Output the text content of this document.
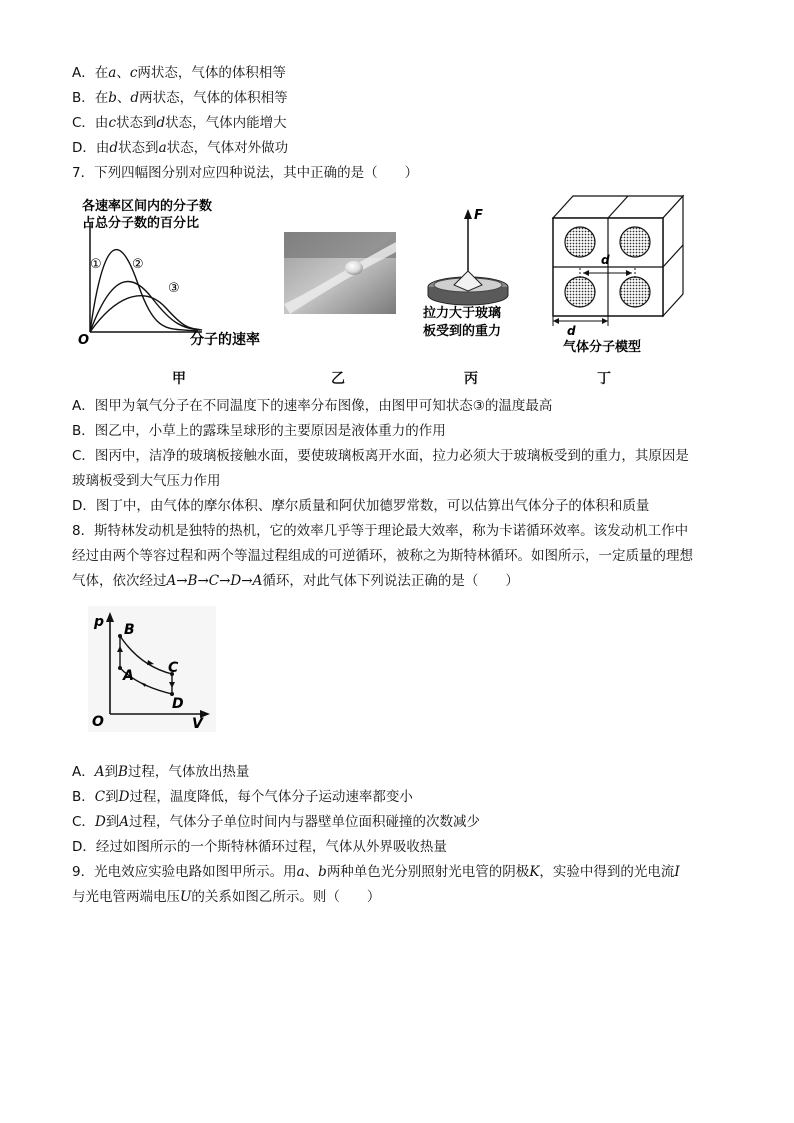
A．在a、c两状态，气体的体积相等
B．在b、d两状态，气体的体积相等
C．由c状态到d状态，气体内能增大
D．由d状态到a状态，气体对外做功
7．下列四幅图分别对应四种说法，其中正确的是（　　）
各速率区间内的分子数
占总分子数的百分比
① ②
③
O	分子的速率
F
拉力大于玻璃
板受到的重力
d
d
气体分子模型
甲	乙	丙	丁
A．图甲为氧气分子在不同温度下的速率分布图像，由图甲可知状态③的温度最高
B．图乙中，小草上的露珠呈球形的主要原因是液体重力的作用
C．图丙中，洁净的玻璃板接触水面，要使玻璃板离开水面，拉力必须大于玻璃板受到的重力，其原因是
玻璃板受到大气压力作用
D．图丁中，由气体的摩尔体积、摩尔质量和阿伏加德罗常数，可以估算出气体分子的体积和质量
8．斯特林发动机是独特的热机，它的效率几乎等于理论最大效率，称为卡诺循环效率。该发动机工作中
经过由两个等容过程和两个等温过程组成的可逆循环，被称之为斯特林循环。如图所示，一定质量的理想
气体，依次经过A→B→C→D→A循环，对此气体下列说法正确的是（　　）
p
V
O
B
A C
D
A．A到B过程，气体放出热量
B．C到D过程，温度降低，每个气体分子运动速率都变小
C．D到A过程，气体分子单位时间内与器壁单位面积碰撞的次数减少
D．经过如图所示的一个斯特林循环过程，气体从外界吸收热量
9．光电效应实验电路如图甲所示。用a、b两种单色光分别照射光电管的阴极K，实验中得到的光电流I
与光电管两端电压U的关系如图乙所示。则（　　）
